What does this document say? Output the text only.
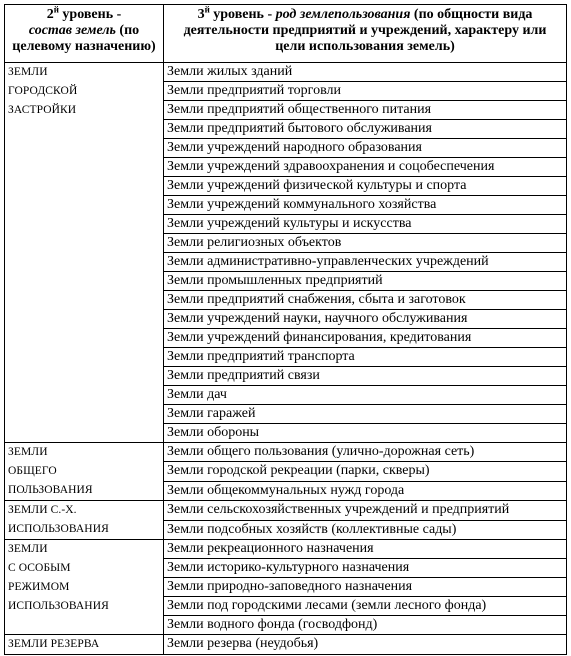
$2^й$ уровень -
состав земель (по целевому назначению)	$3^й$ уровень - род землепользования (по общности вида деятельности предприятий и учреждений, характеру или цели использования земель)

ЗЕМЛИ
ГОРОДСКОЙ
ЗАСТРОЙКИ	Земли жилых зданий
	Земли предприятий торговли
	Земли предприятий общественного питания
	Земли предприятий бытового обслуживания
	Земли учреждений народного образования
	Земли учреждений здравоохранения и соцобеспечения
	Земли учреждений физической культуры и спорта
	Земли учреждений коммунального хозяйства
	Земли учреждений культуры и искусства
	Земли религиозных объектов
	Земли административно-управленческих учреждений
	Земли промышленных предприятий
	Земли предприятий снабжения, сбыта и заготовок
	Земли учреждений науки, научного обслуживания
	Земли учреждений финансирования, кредитования
	Земли предприятий транспорта
	Земли предприятий связи
	Земли дач
	Земли гаражей
	Земли обороны

ЗЕМЛИ
ОБЩЕГО
ПОЛЬЗОВАНИЯ	Земли общего пользования (улично-дорожная сеть)
	Земли городской рекреации (парки, скверы)
	Земли общекоммунальных нужд города

ЗЕМЛИ С.-Х.
ИСПОЛЬЗОВАНИЯ	Земли сельскохозяйственных учреждений и предприятий
	Земли подсобных хозяйств (коллективные сады)

ЗЕМЛИ
С ОСОБЫМ
РЕЖИМОМ
ИСПОЛЬЗОВАНИЯ	Земли рекреационного назначения
	Земли историко-культурного назначения
	Земли природно-заповедного назначения
	Земли под городскими лесами (земли лесного фонда)
	Земли водного фонда (госводфонд)

ЗЕМЛИ РЕЗЕРВА	Земли резерва (неудобья)
